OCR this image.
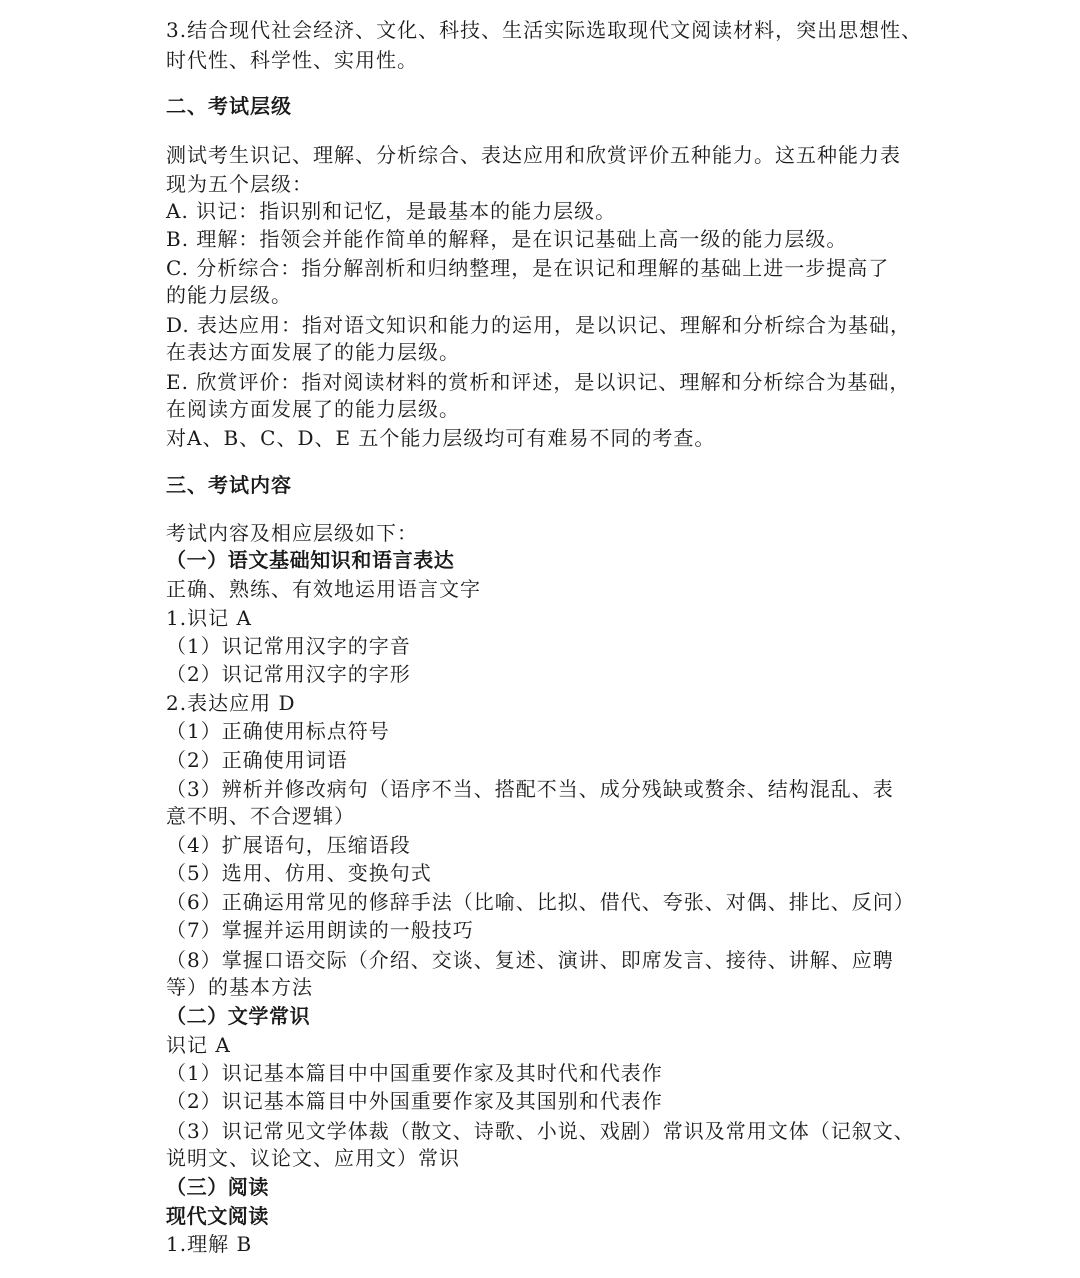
3.结合现代社会经济、文化、科技、生活实际选取现代文阅读材料，突出思想性、
时代性、科学性、实用性。
二、考试层级
测试考生识记、理解、分析综合、表达应用和欣赏评价五种能力。这五种能力表
现为五个层级：
A. 识记：指识别和记忆，是最基本的能力层级。
B. 理解：指领会并能作简单的解释，是在识记基础上高一级的能力层级。
C. 分析综合：指分解剖析和归纳整理，是在识记和理解的基础上进一步提高了
的能力层级。
D. 表达应用：指对语文知识和能力的运用，是以识记、理解和分析综合为基础，
在表达方面发展了的能力层级。
E. 欣赏评价：指对阅读材料的赏析和评述，是以识记、理解和分析综合为基础，
在阅读方面发展了的能力层级。
对A、B、C、D、E 五个能力层级均可有难易不同的考查。
三、考试内容
考试内容及相应层级如下：
（一）语文基础知识和语言表达
正确、熟练、有效地运用语言文字
1.识记 A
（1）识记常用汉字的字音
（2）识记常用汉字的字形
2.表达应用 D
（1）正确使用标点符号
（2）正确使用词语
（3）辨析并修改病句（语序不当、搭配不当、成分残缺或赘余、结构混乱、表
意不明、不合逻辑）
（4）扩展语句，压缩语段
（5）选用、仿用、变换句式
（6）正确运用常见的修辞手法（比喻、比拟、借代、夸张、对偶、排比、反问）
（7）掌握并运用朗读的一般技巧
（8）掌握口语交际（介绍、交谈、复述、演讲、即席发言、接待、讲解、应聘
等）的基本方法
（二）文学常识
识记 A
（1）识记基本篇目中中国重要作家及其时代和代表作
（2）识记基本篇目中外国重要作家及其国别和代表作
（3）识记常见文学体裁（散文、诗歌、小说、戏剧）常识及常用文体（记叙文、
说明文、议论文、应用文）常识
（三）阅读
现代文阅读
1.理解 B
